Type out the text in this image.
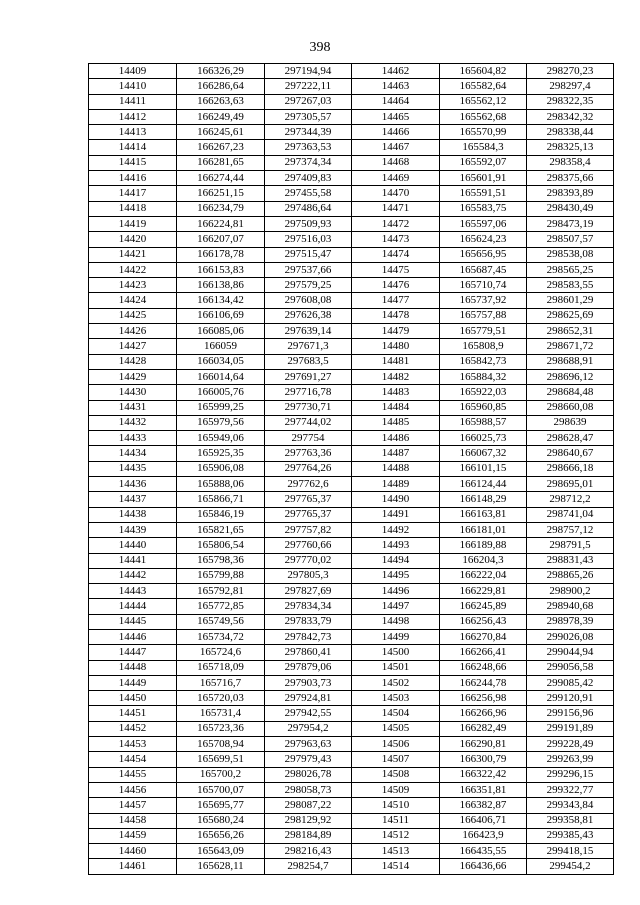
398
14409	166326,29	297194,94	14462	165604,82	298270,23
14410	166286,64	297222,11	14463	165582,64	298297,4
14411	166263,63	297267,03	14464	165562,12	298322,35
14412	166249,49	297305,57	14465	165562,68	298342,32
14413	166245,61	297344,39	14466	165570,99	298338,44
14414	166267,23	297363,53	14467	165584,3	298325,13
14415	166281,65	297374,34	14468	165592,07	298358,4
14416	166274,44	297409,83	14469	165601,91	298375,66
14417	166251,15	297455,58	14470	165591,51	298393,89
14418	166234,79	297486,64	14471	165583,75	298430,49
14419	166224,81	297509,93	14472	165597,06	298473,19
14420	166207,07	297516,03	14473	165624,23	298507,57
14421	166178,78	297515,47	14474	165656,95	298538,08
14422	166153,83	297537,66	14475	165687,45	298565,25
14423	166138,86	297579,25	14476	165710,74	298583,55
14424	166134,42	297608,08	14477	165737,92	298601,29
14425	166106,69	297626,38	14478	165757,88	298625,69
14426	166085,06	297639,14	14479	165779,51	298652,31
14427	166059	297671,3	14480	165808,9	298671,72
14428	166034,05	297683,5	14481	165842,73	298688,91
14429	166014,64	297691,27	14482	165884,32	298696,12
14430	166005,76	297716,78	14483	165922,03	298684,48
14431	165999,25	297730,71	14484	165960,85	298660,08
14432	165979,56	297744,02	14485	165988,57	298639
14433	165949,06	297754	14486	166025,73	298628,47
14434	165925,35	297763,36	14487	166067,32	298640,67
14435	165906,08	297764,26	14488	166101,15	298666,18
14436	165888,06	297762,6	14489	166124,44	298695,01
14437	165866,71	297765,37	14490	166148,29	298712,2
14438	165846,19	297765,37	14491	166163,81	298741,04
14439	165821,65	297757,82	14492	166181,01	298757,12
14440	165806,54	297760,66	14493	166189,88	298791,5
14441	165798,36	297770,02	14494	166204,3	298831,43
14442	165799,88	297805,3	14495	166222,04	298865,26
14443	165792,81	297827,69	14496	166229,81	298900,2
14444	165772,85	297834,34	14497	166245,89	298940,68
14445	165749,56	297833,79	14498	166256,43	298978,39
14446	165734,72	297842,73	14499	166270,84	299026,08
14447	165724,6	297860,41	14500	166266,41	299044,94
14448	165718,09	297879,06	14501	166248,66	299056,58
14449	165716,7	297903,73	14502	166244,78	299085,42
14450	165720,03	297924,81	14503	166256,98	299120,91
14451	165731,4	297942,55	14504	166266,96	299156,96
14452	165723,36	297954,2	14505	166282,49	299191,89
14453	165708,94	297963,63	14506	166290,81	299228,49
14454	165699,51	297979,43	14507	166300,79	299263,99
14455	165700,2	298026,78	14508	166322,42	299296,15
14456	165700,07	298058,73	14509	166351,81	299322,77
14457	165695,77	298087,22	14510	166382,87	299343,84
14458	165680,24	298129,92	14511	166406,71	299358,81
14459	165656,26	298184,89	14512	166423,9	299385,43
14460	165643,09	298216,43	14513	166435,55	299418,15
14461	165628,11	298254,7	14514	166436,66	299454,2
